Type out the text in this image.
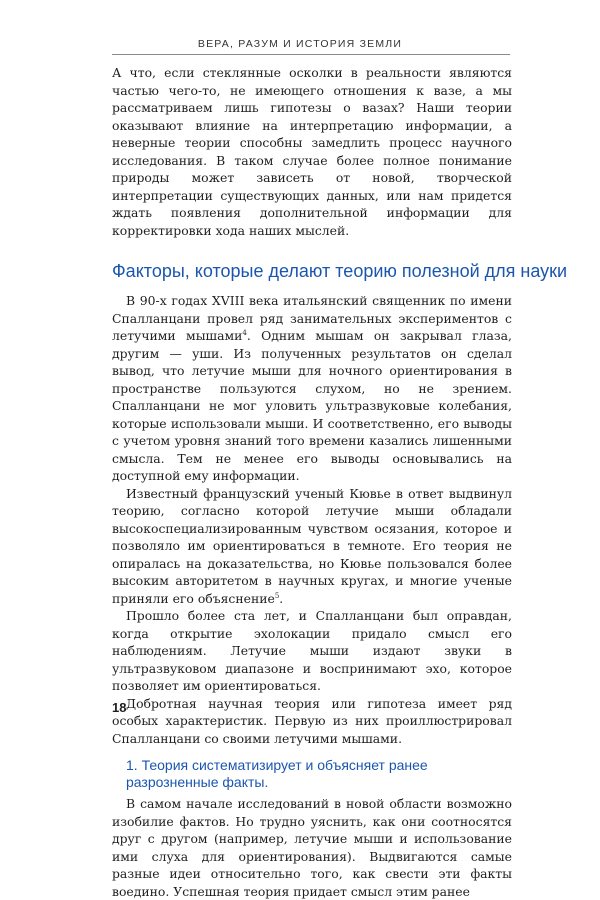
ВЕРА, РАЗУМ И ИСТОРИЯ ЗЕМЛИ

А что, если стеклянные осколки в реальности являются частью чего-то, не имеющего отношения к вазе, а мы рассматриваем лишь гипотезы о вазах? Наши теории оказывают влияние на интерпретацию информации, а неверные теории способны замедлить процесс научного исследования. В таком случае более полное понимание природы может зависеть от новой, творческой интерпретации существующих данных, или нам придется ждать появления дополнительной информации для корректировки хода наших мыслей.

Факторы, которые делают теорию полезной для науки

В 90-х годах XVIII века итальянский священник по имени Спалланцани провел ряд занимательных экспериментов с летучими мышами$^4$. Одним мышам он закрывал глаза, другим — уши. Из полученных результатов он сделал вывод, что летучие мыши для ночного ориентирования в пространстве пользуются слухом, но не зрением. Спалланцани не мог уловить ультразвуковые колебания, которые использовали мыши. И соответственно, его выводы с учетом уровня знаний того времени казались лишенными смысла. Тем не менее его выводы основывались на доступной ему информации.

Известный французский ученый Кювье в ответ выдвинул теорию, согласно которой летучие мыши обладали высокоспециализированным чувством осязания, которое и позволяло им ориентироваться в темноте. Его теория не опиралась на доказательства, но Кювье пользовался более высоким авторитетом в научных кругах, и многие ученые приняли его объяснение$^5$.

Прошло более ста лет, и Спалланцани был оправдан, когда открытие эхолокации придало смысл его наблюдениям. Летучие мыши издают звуки в ультразвуковом диапазоне и воспринимают эхо, которое позволяет им ориентироваться.

Добротная научная теория или гипотеза имеет ряд особых характеристик. Первую из них проиллюстрировал Спалланцани со своими летучими мышами.

1. Теория систематизирует и объясняет ранее разрозненные факты.

В самом начале исследований в новой области возможно изобилие фактов. Но трудно уяснить, как они соотносятся друг с другом (например, летучие мыши и использование ими слуха для ориентирования). Выдвигаются самые разные идеи относительно того, как свести эти факты воедино. Успешная теория придает смысл этим ранее

18
